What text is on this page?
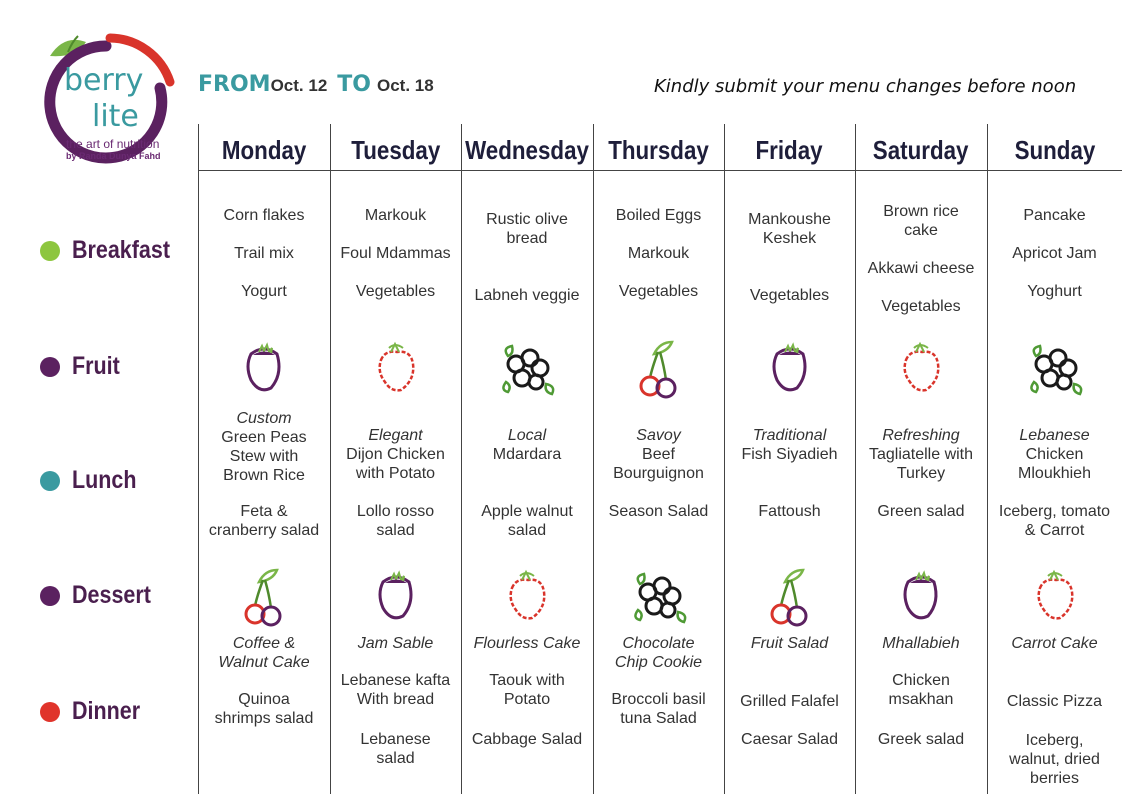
berry
lite
the art of nutrition
by Randa Dunya Fahd
FROM Oct. 12 TO Oct. 18	Kindly submit your menu changes before noon
Breakfast
Fruit
Lunch
Dessert
Dinner
Monday
Corn flakes
Trail mix
Yogurt
Custom
Green Peas
Stew with
Brown Rice
Feta &
cranberry salad
Coffee &
Walnut Cake
Quinoa
shrimps salad
Tuesday
Markouk
Foul Mdammas
Vegetables
Elegant
Dijon Chicken
with Potato
Lollo rosso
salad
Jam Sable
Lebanese kafta
With bread
Lebanese
salad
Wednesday
Rustic olive
bread
Labneh veggie
Local
Mdardara
Apple walnut
salad
Flourless Cake
Taouk with
Potato
Cabbage Salad
Thursday
Boiled Eggs
Markouk
Vegetables
Savoy
Beef
Bourguignon
Season Salad
Chocolate
Chip Cookie
Broccoli basil
tuna Salad
Friday
Mankoushe
Keshek
Vegetables
Traditional
Fish Siyadieh
Fattoush
Fruit Salad
Grilled Falafel
Caesar Salad
Saturday
Brown rice
cake
Akkawi cheese
Vegetables
Refreshing
Tagliatelle with
Turkey
Green salad
Mhallabieh
Chicken
msakhan
Greek salad
Sunday
Pancake
Apricot Jam
Yoghurt
Lebanese
Chicken
Mloukhieh
Iceberg, tomato
& Carrot
Carrot Cake
Classic Pizza
Iceberg,
walnut, dried
berries
